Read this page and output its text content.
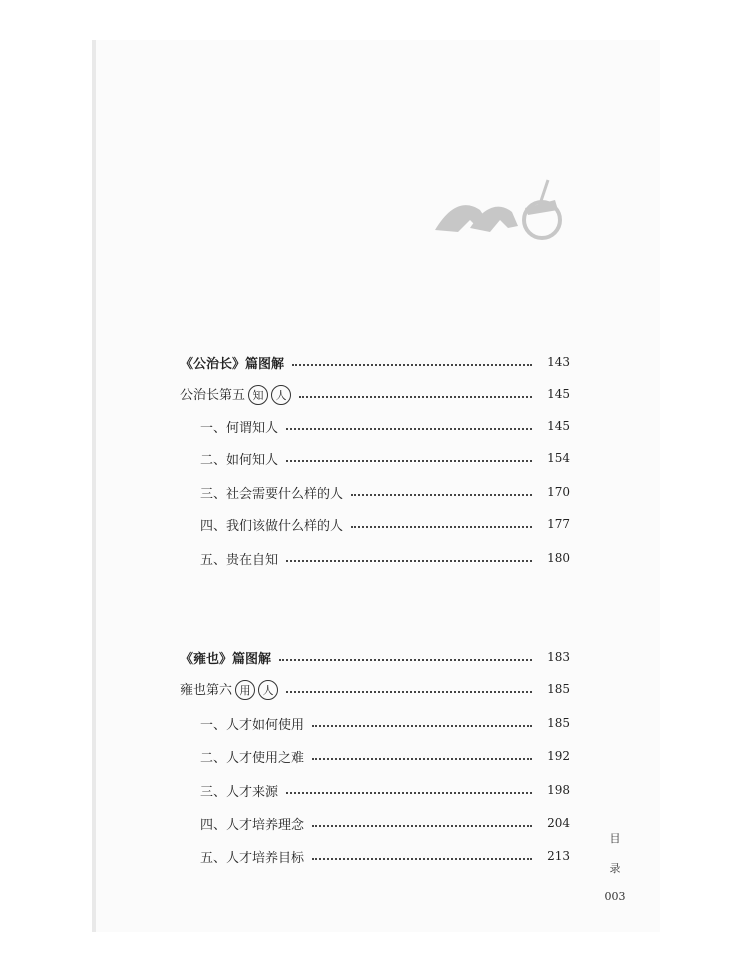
《公治长》篇图解	143
公治长第五 知 人	145
一、何谓知人	145
二、如何知人	154
三、社会需要什么样的人	170
四、我们该做什么样的人	177
五、贵在自知	180
《雍也》篇图解	183
雍也第六 用 人	185
一、人才如何使用	185
二、人才使用之难	192
三、人才来源	198
四、人才培养理念	204
五、人才培养目标	213
目
录
003
